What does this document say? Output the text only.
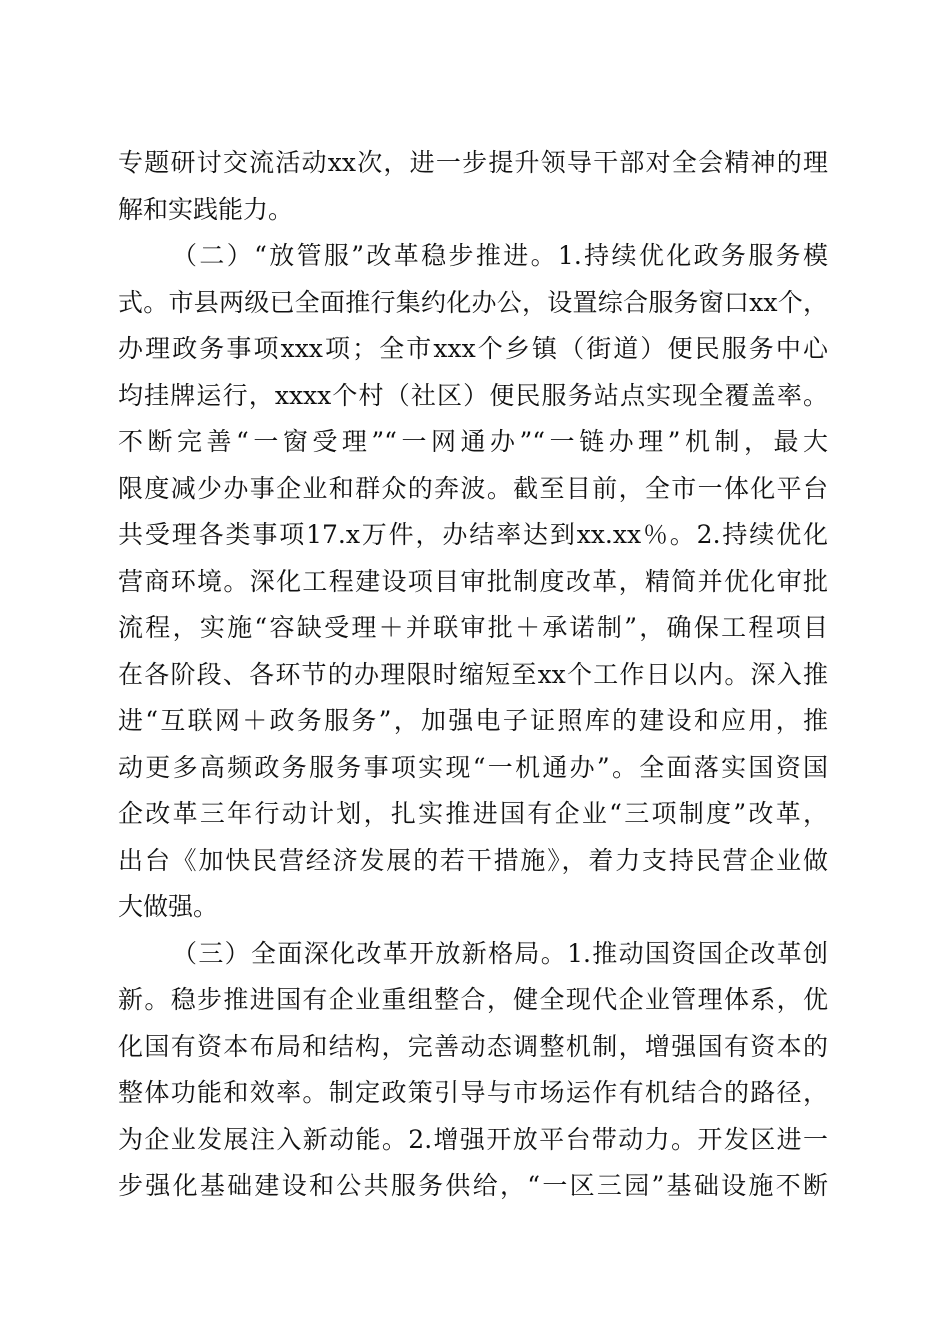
专题研讨交流活动xx次，进一步提升领导干部对全会精神的理
解和实践能力。
（二）“放管服”改革稳步推进。1.持续优化政务服务模
式。市县两级已全面推行集约化办公，设置综合服务窗口xx个，
办理政务事项xxx项；全市xxx个乡镇（街道）便民服务中心
均挂牌运行，xxxx个村（社区）便民服务站点实现全覆盖率。
不断完善“一窗受理”“一网通办”“一链办理”机制，最大
限度减少办事企业和群众的奔波。截至目前，全市一体化平台
共受理各类事项17.x万件，办结率达到xx.xx％。2.持续优化
营商环境。深化工程建设项目审批制度改革，精简并优化审批
流程，实施“容缺受理＋并联审批＋承诺制”，确保工程项目
在各阶段、各环节的办理限时缩短至xx个工作日以内。深入推
进“互联网＋政务服务”，加强电子证照库的建设和应用，推
动更多高频政务服务事项实现“一机通办”。全面落实国资国
企改革三年行动计划，扎实推进国有企业“三项制度”改革，
出台《加快民营经济发展的若干措施》，着力支持民营企业做
大做强。
（三）全面深化改革开放新格局。1.推动国资国企改革创
新。稳步推进国有企业重组整合，健全现代企业管理体系，优
化国有资本布局和结构，完善动态调整机制，增强国有资本的
整体功能和效率。制定政策引导与市场运作有机结合的路径，
为企业发展注入新动能。2.增强开放平台带动力。开发区进一
步强化基础建设和公共服务供给，“一区三园”基础设施不断
